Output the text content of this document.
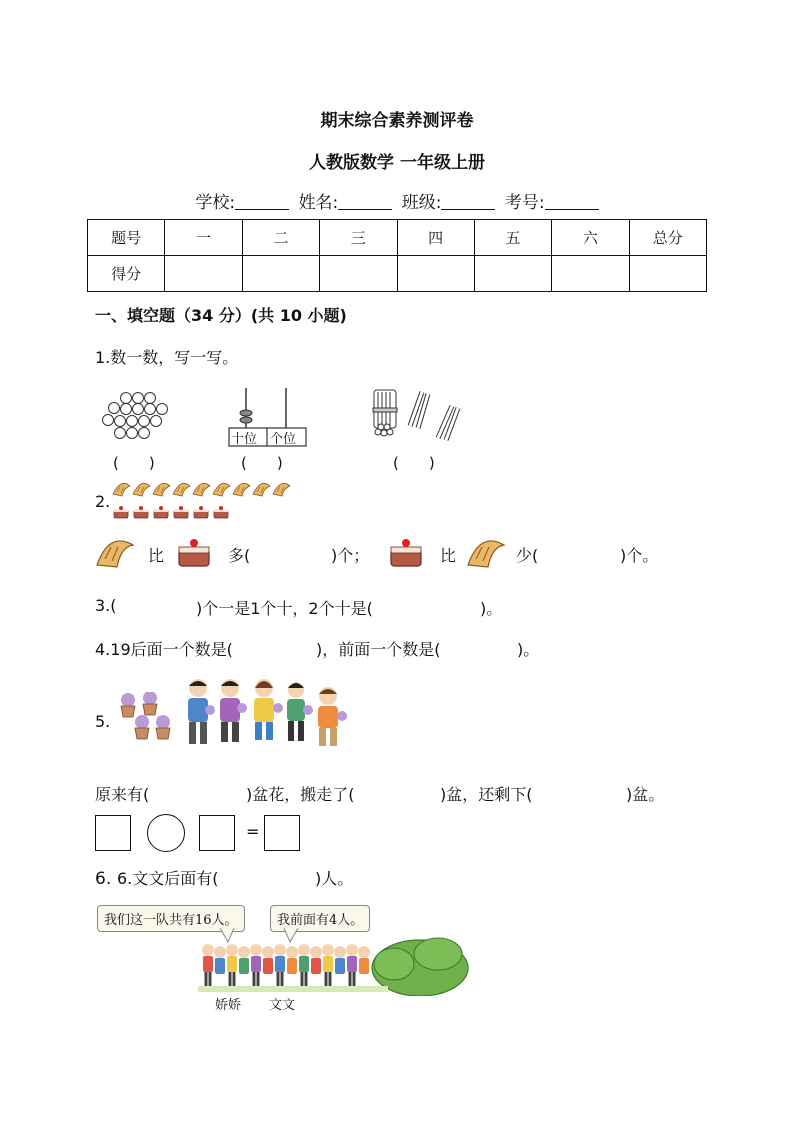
期末综合素养测评卷
人教版数学 一年级上册
学校:	姓名:	班级:	考号:
题号	一	二	三	四	五	六	总分
得分							
一、填空题（34 分）(共 10 小题)
1.数一数，写一写。
十位 个位
(　　)	(　　)	(　　)
2.
比	多(	)个；	比	少(	)个。
3.(	)个一是1个十，2个十是(	)。
4.19后面一个数是(	)，前面一个数是(	)。
5.
原来有(	)盆花，搬走了(	)盆，还剩下(	)盆。
=
6. 6.文文后面有(	)人。
我们这一队共有16人。	我前面有4人。
娇娇 文文
